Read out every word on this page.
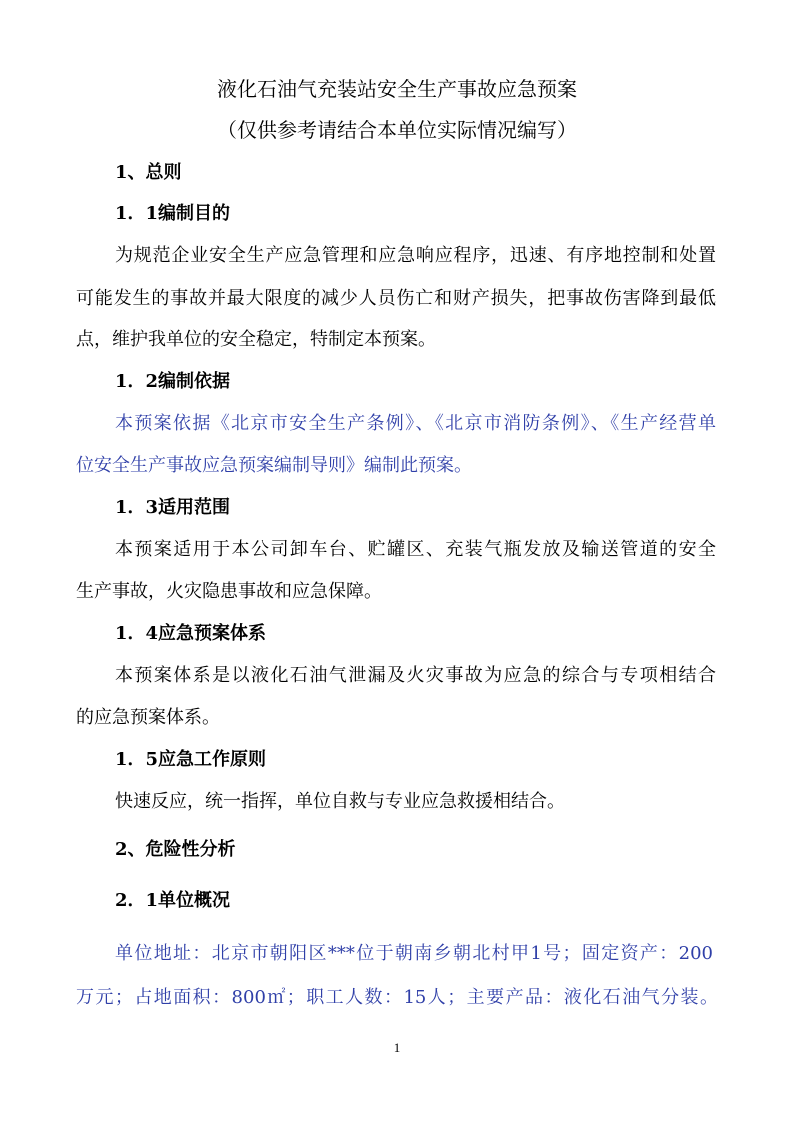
液化石油气充装站安全生产事故应急预案
（仅供参考请结合本单位实际情况编写）
1、总则
1．1编制目的
为规范企业安全生产应急管理和应急响应程序，迅速、有序地控制和处置
可能发生的事故并最大限度的减少人员伤亡和财产损失，把事故伤害降到最低
点，维护我单位的安全稳定，特制定本预案。
1．2编制依据
本预案依据《北京市安全生产条例》、《北京市消防条例》、《生产经营单
位安全生产事故应急预案编制导则》编制此预案。
1．3适用范围
本预案适用于本公司卸车台、贮罐区、充装气瓶发放及输送管道的安全
生产事故，火灾隐患事故和应急保障。
1．4应急预案体系
本预案体系是以液化石油气泄漏及火灾事故为应急的综合与专项相结合
的应急预案体系。
1．5应急工作原则
快速反应，统一指挥，单位自救与专业应急救援相结合。
2、危险性分析
2．1单位概况
单位地址：北京市朝阳区***位于朝南乡朝北村甲1号；固定资产：200
万元；占地面积：800㎡；职工人数：15人；主要产品：液化石油气分装。
1
